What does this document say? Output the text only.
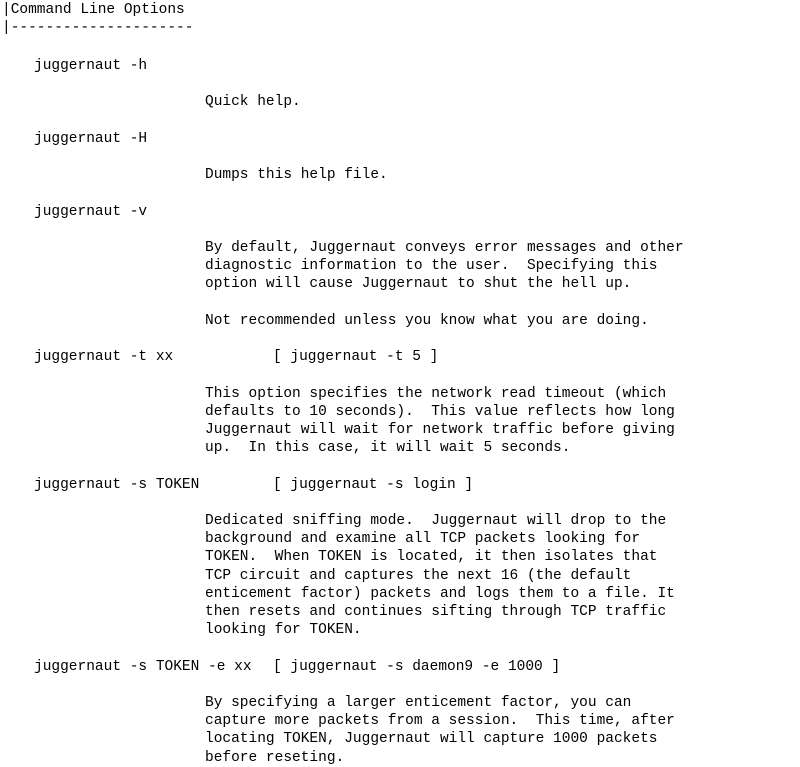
|Command Line Options
|---------------------
juggernaut -h
Quick help.
juggernaut -H
Dumps this help file.
juggernaut -v
By default, Juggernaut conveys error messages and other
diagnostic information to the user.  Specifying this
option will cause Juggernaut to shut the hell up.
Not recommended unless you know what you are doing.
juggernaut -t xx	[ juggernaut -t 5 ]
This option specifies the network read timeout (which
defaults to 10 seconds).  This value reflects how long
Juggernaut will wait for network traffic before giving
up.  In this case, it will wait 5 seconds.
juggernaut -s TOKEN	[ juggernaut -s login ]
Dedicated sniffing mode.  Juggernaut will drop to the
background and examine all TCP packets looking for
TOKEN.  When TOKEN is located, it then isolates that
TCP circuit and captures the next 16 (the default
enticement factor) packets and logs them to a file. It
then resets and continues sifting through TCP traffic
looking for TOKEN.
juggernaut -s TOKEN -e xx [ juggernaut -s daemon9 -e 1000 ]
By specifying a larger enticement factor, you can
capture more packets from a session.  This time, after
locating TOKEN, Juggernaut will capture 1000 packets
before reseting.
